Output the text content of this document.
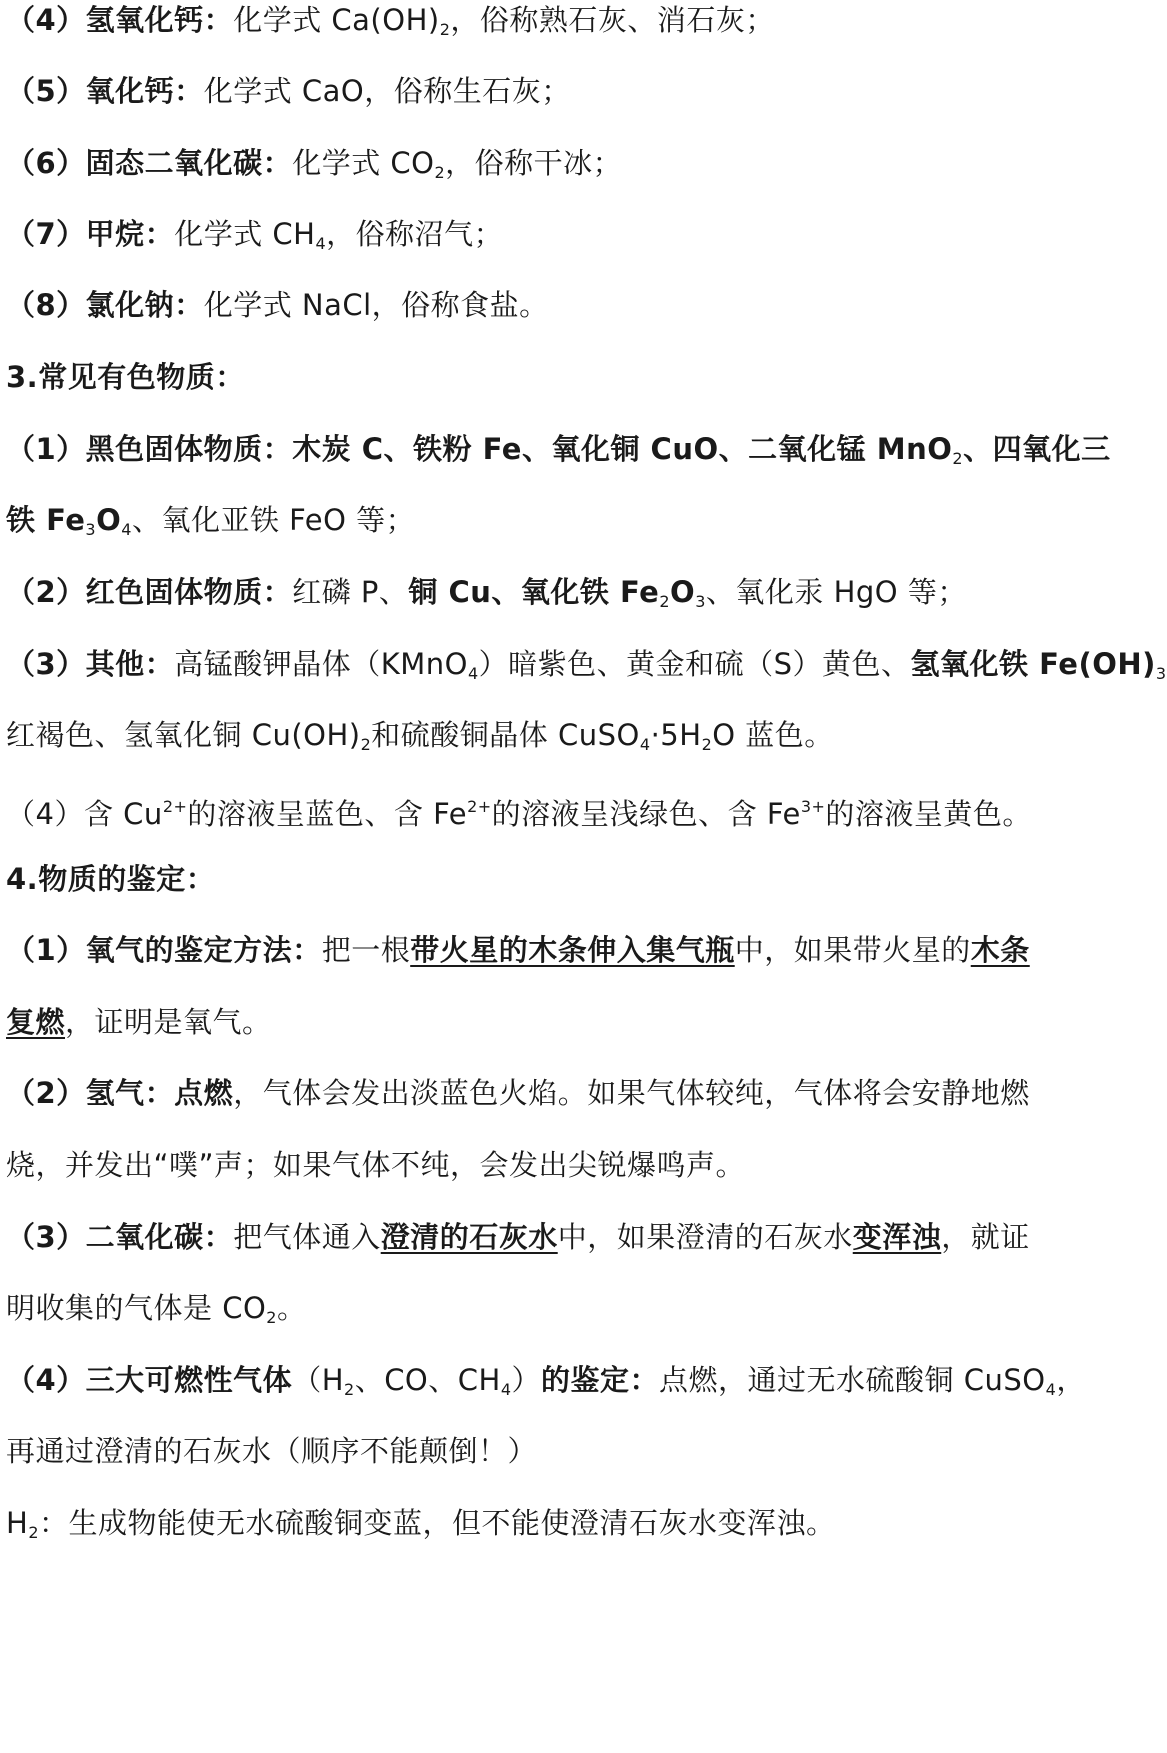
（4）氢氧化钙：化学式 $Ca(OH)_2$，俗称熟石灰、消石灰；
（5）氧化钙：化学式 CaO，俗称生石灰；
（6）固态二氧化碳：化学式 $CO_2$，俗称干冰；
（7）甲烷：化学式 $CH_4$，俗称沼气；
（8）氯化钠：化学式 NaCl，俗称食盐。
3.常见有色物质：
（1）黑色固体物质：木炭 C、铁粉 Fe、氧化铜 CuO、二氧化锰 MnO$_2$、四氧化三
铁 $Fe_3O_4$、氧化亚铁 FeO 等；
（2）红色固体物质：红磷 P、铜 Cu、氧化铁 $Fe_2O_3$、氧化汞 HgO 等；
（3）其他：高锰酸钾晶体（KMnO$_4$）暗紫色、黄金和硫（S）黄色、氢氧化铁 $Fe(OH)_3$
红褐色、氢氧化铜 $Cu(OH)_2$和硫酸铜晶体 $CuSO_4\cdot 5H_2O$ 蓝色。
（4）含 $Cu^{2+}$的溶液呈蓝色、含 $Fe^{2+}$的溶液呈浅绿色、含 $Fe^{3+}$的溶液呈黄色。
4.物质的鉴定：
（1）氧气的鉴定方法：把一根带火星的木条伸入集气瓶中，如果带火星的木条
复燃，证明是氧气。
（2）氢气：点燃，气体会发出淡蓝色火焰。如果气体较纯，气体将会安静地燃
烧，并发出“噗”声；如果气体不纯，会发出尖锐爆鸣声。
（3）二氧化碳：把气体通入澄清的石灰水中，如果澄清的石灰水变浑浊，就证
明收集的气体是 $CO_2$。
（4）三大可燃性气体（$H_2$、CO、$CH_4$）的鉴定：点燃，通过无水硫酸铜 CuSO$_4$，
再通过澄清的石灰水（顺序不能颠倒！）
$H_2$：生成物能使无水硫酸铜变蓝，但不能使澄清石灰水变浑浊。
